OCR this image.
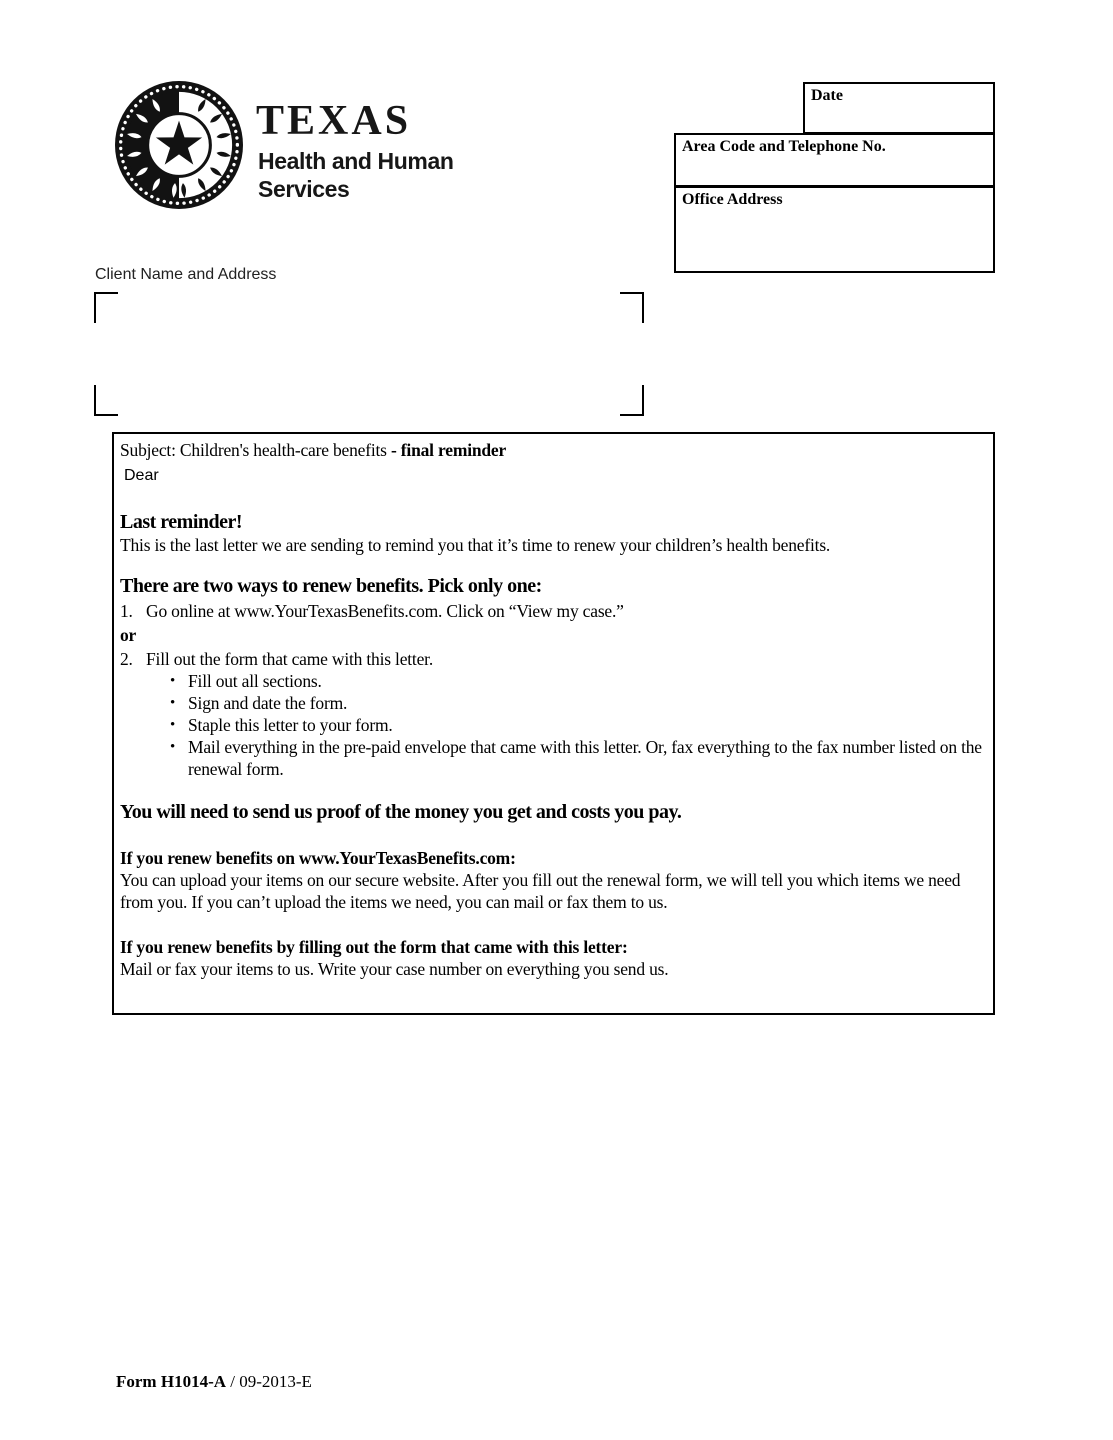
TEXAS
Health and Human
Services
Date
Area Code and Telephone No.
Office Address
Client Name and Address
Subject: Children's health-care benefits - final reminder
Dear
Last reminder!
This is the last letter we are sending to remind you that it’s time to renew your children’s health benefits.
There are two ways to renew benefits. Pick only one:
1. Go online at www.YourTexasBenefits.com. Click on “View my case.”
or
2. Fill out the form that came with this letter.
• Fill out all sections.
• Sign and date the form.
• Staple this letter to your form.
• Mail everything in the pre-paid envelope that came with this letter. Or, fax everything to the fax number listed on the renewal form.
You will need to send us proof of the money you get and costs you pay.
If you renew benefits on www.YourTexasBenefits.com:
You can upload your items on our secure website. After you fill out the renewal form, we will tell you which items we need from you. If you can’t upload the items we need, you can mail or fax them to us.
If you renew benefits by filling out the form that came with this letter:
Mail or fax your items to us. Write your case number on everything you send us.
Form H1014-A / 09-2013-E
